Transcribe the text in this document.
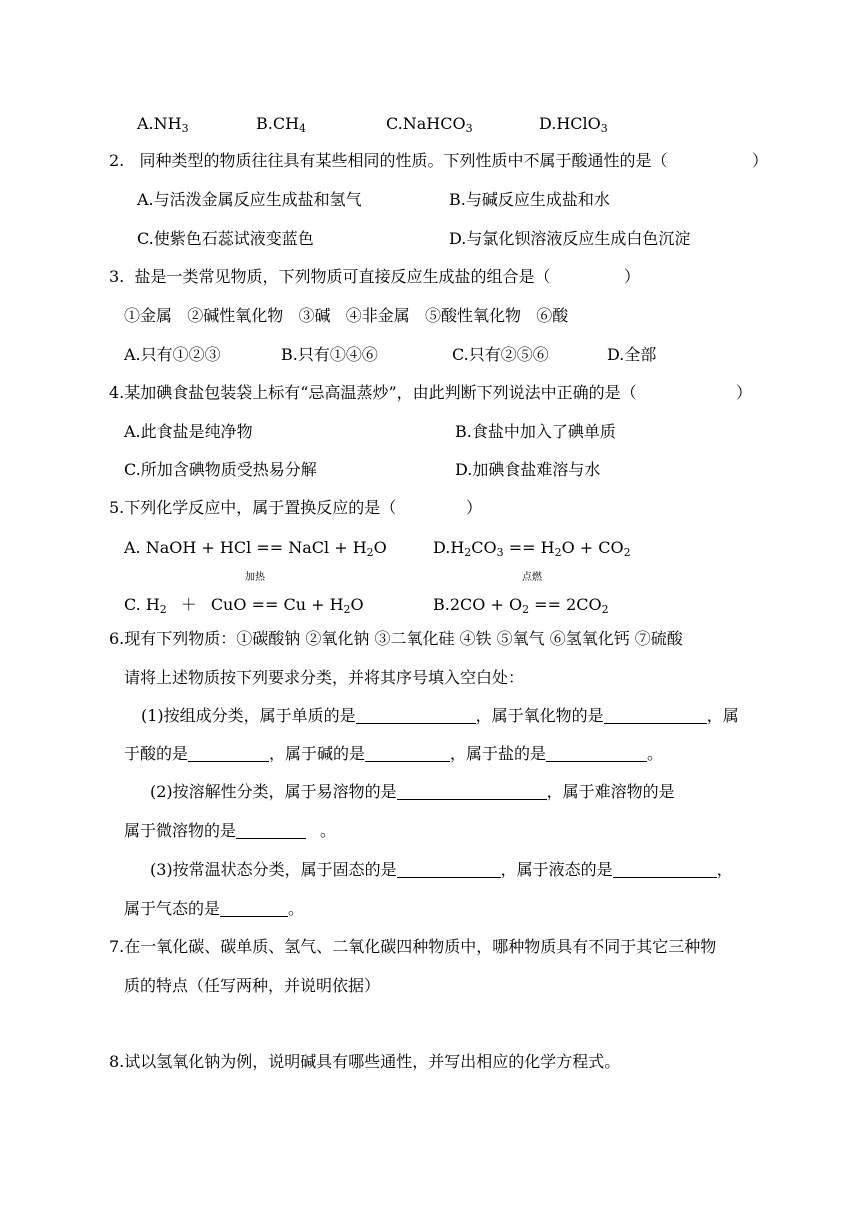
$A.NH_3$	$B.CH_4$	C.NaHCO$_3$	D.HClO$_3$
2.   同种类型的物质往往具有某些相同的性质。下列性质中不属于酸通性的是（	）
A.与活泼金属反应生成盐和氢气	B.与碱反应生成盐和水
C.使紫色石蕊试液变蓝色	D.与氯化钡溶液反应生成白色沉淀
3.  盐是一类常见物质，下列物质可直接反应生成盐的组合是（	）
①金属   ②碱性氧化物   ③碱   ④非金属   ⑤酸性氧化物   ⑥酸
A.只有①②③	B.只有①④⑥	C.只有②⑤⑥	D.全部
4.某加碘食盐包装袋上标有“忌高温蒸炒”，由此判断下列说法中正确的是（	）
A.此食盐是纯净物	B.食盐中加入了碘单质
C.所加含碘物质受热易分解	D.加碘食盐难溶与水
5.下列化学反应中，属于置换反应的是（	）
A. NaOH + HCl == NaCl + $H_2O$	$D.H_2CO_3 == H_2O + CO_2$
加热	点燃
C. $H_2$ ＋ CuO == $Cu + H_2O$	$B.2CO + O_2 == 2CO_2$
6.现有下列物质：①碳酸钠 ②氧化钠 ③二氧化硅 ④铁 ⑤氧气 ⑥氢氧化钙 ⑦硫酸
请将上述物质按下列要求分类，并将其序号填入空白处：
(1)按组成分类，属于单质的是	，属于氧化物的是	，属
于酸的是	，属于碱的是	，属于盐的是	。
(2)按溶解性分类，属于易溶物的是	，属于难溶物的是
属于微溶物的是	。
(3)按常温状态分类，属于固态的是	，属于液态的是	，
属于气态的是	。
7.在一氧化碳、碳单质、氢气、二氧化碳四种物质中，哪种物质具有不同于其它三种物
质的特点（任写两种，并说明依据）
8.试以氢氧化钠为例，说明碱具有哪些通性，并写出相应的化学方程式。
